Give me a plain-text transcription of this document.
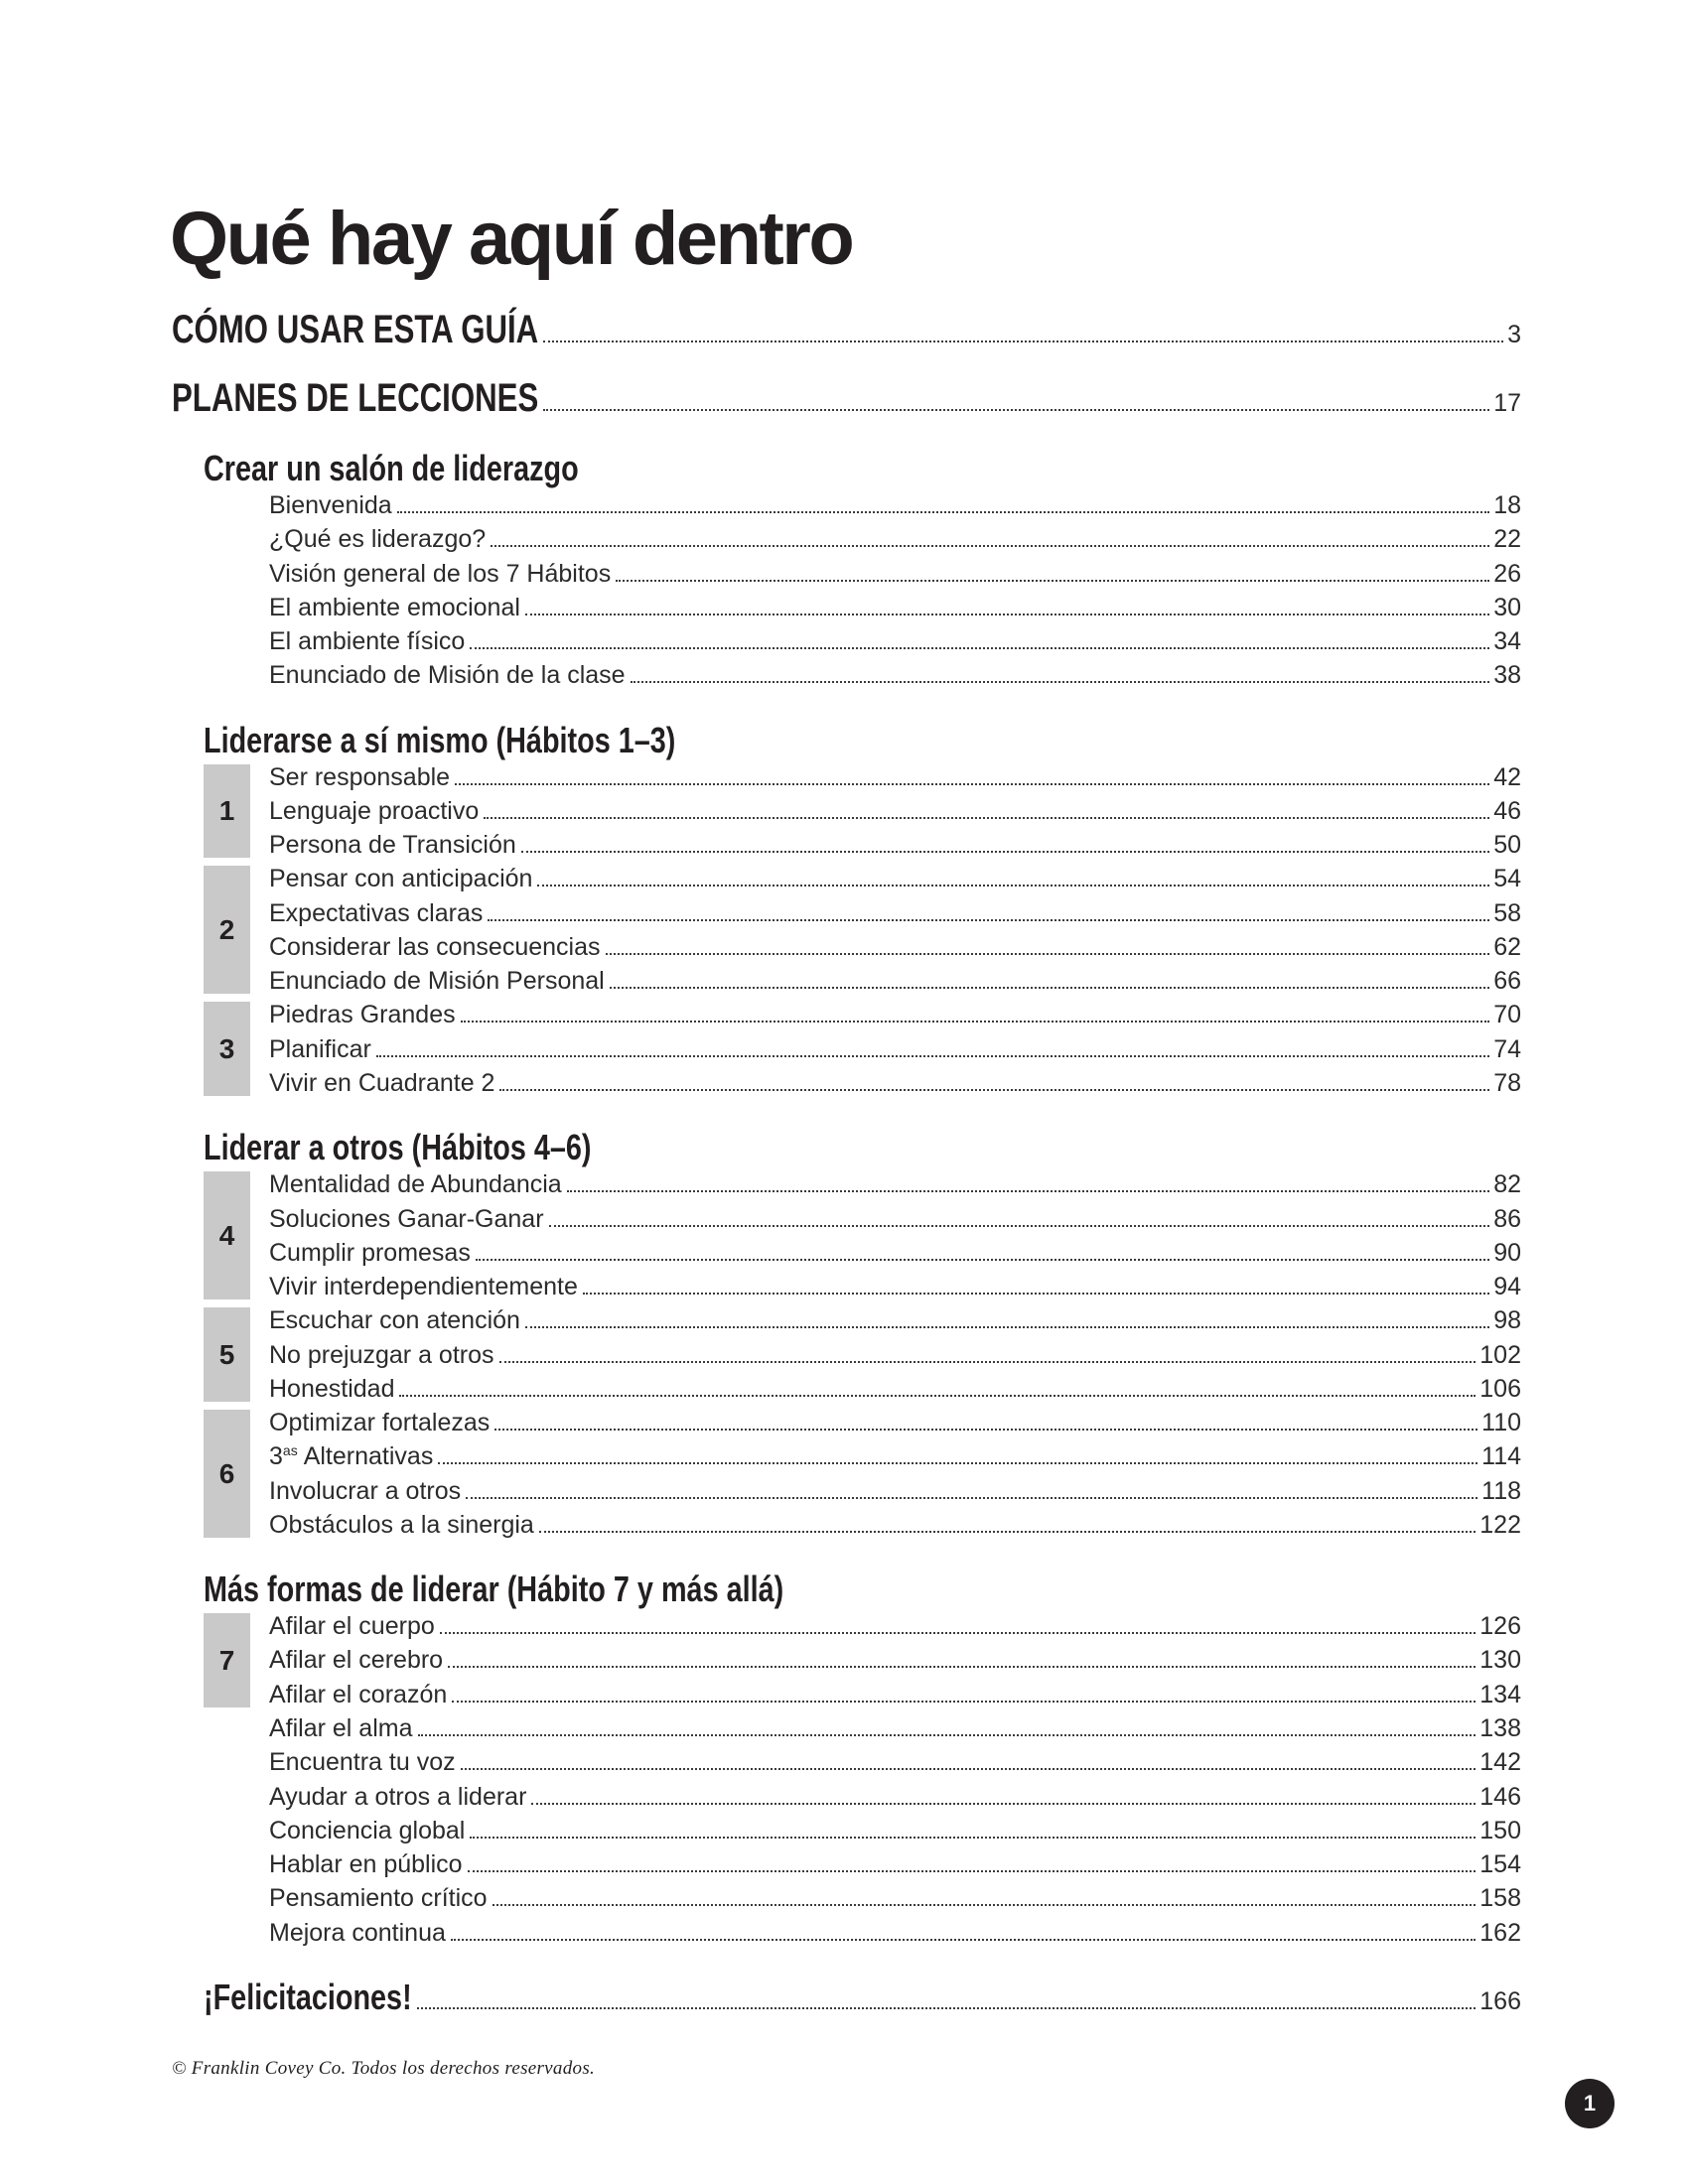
Qué hay aquí dentro
CÓMO USAR ESTA GUÍA	3
PLANES DE LECCIONES	17
Crear un salón de liderazgo
Bienvenida	18
¿Qué es liderazgo?	22
Visión general de los 7 Hábitos	26
El ambiente emocional	30
El ambiente físico	34
Enunciado de Misión de la clase	38
Liderarse a sí mismo (Hábitos 1–3)
1
Ser responsable	42
Lenguaje proactivo	46
Persona de Transición	50
2
Pensar con anticipación	54
Expectativas claras	58
Considerar las consecuencias	62
Enunciado de Misión Personal	66
3
Piedras Grandes	70
Planificar	74
Vivir en Cuadrante 2	78
Liderar a otros (Hábitos 4–6)
4
Mentalidad de Abundancia	82
Soluciones Ganar-Ganar	86
Cumplir promesas	90
Vivir interdependientemente	94
5
Escuchar con atención	98
No prejuzgar a otros	102
Honestidad	106
6
Optimizar fortalezas	110
$3^{as}$ Alternativas	114
Involucrar a otros	118
Obstáculos a la sinergia	122
Más formas de liderar (Hábito 7 y más allá)
7
Afilar el cuerpo	126
Afilar el cerebro	130
Afilar el corazón	134
Afilar el alma	138
Encuentra tu voz	142
Ayudar a otros a liderar	146
Conciencia global	150
Hablar en público	154
Pensamiento crítico	158
Mejora continua	162
¡Felicitaciones!	166
© Franklin Covey Co. Todos los derechos reservados.
1
